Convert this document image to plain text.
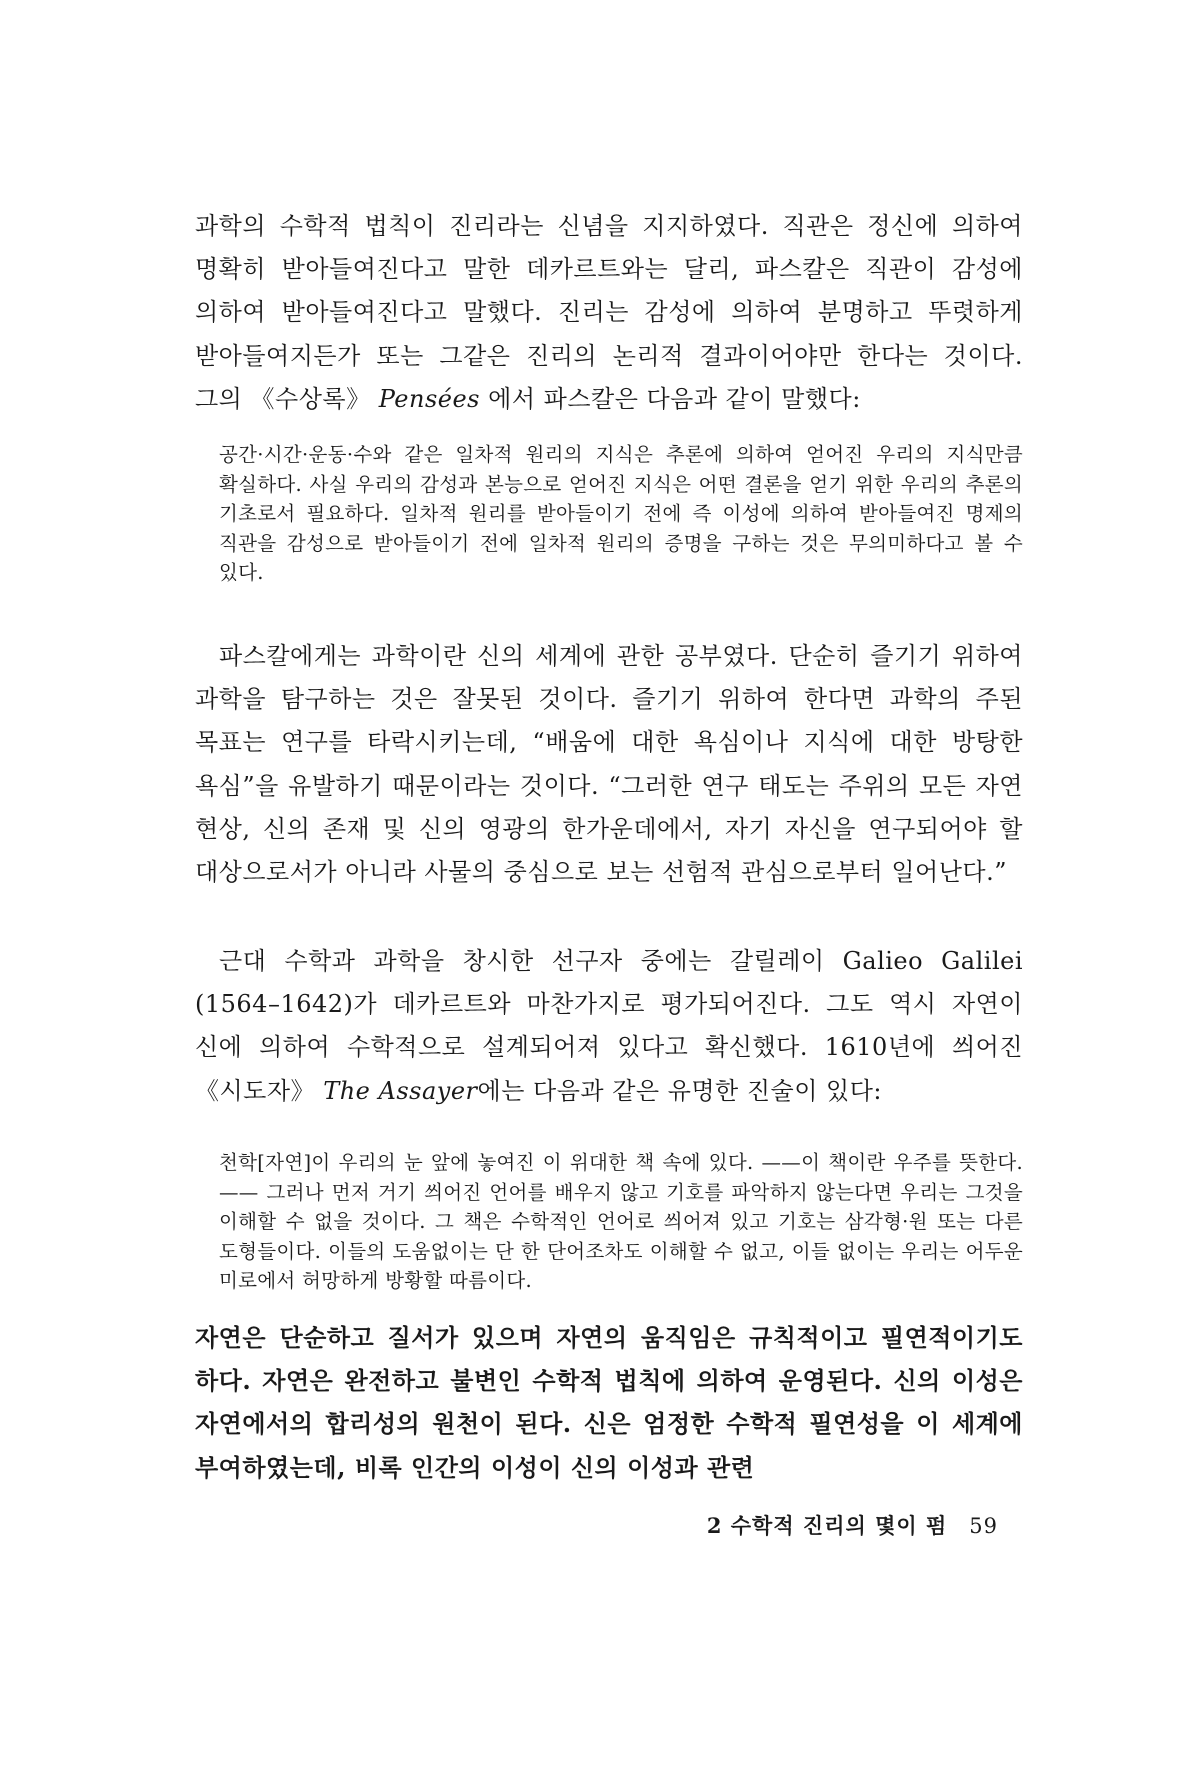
과학의 수학적 법칙이 진리라는 신념을 지지하였다. 직관은 정신에 의하여 명확히 받아들여진다고 말한 데카르트와는 달리, 파스칼은 직관이 감성에 의하여 받아들여진다고 말했다. 진리는 감성에 의하여 분명하고 뚜렷하게 받아들여지든가 또는 그같은 진리의 논리적 결과이어야만 한다는 것이다. 그의 《수상록》 Pensées 에서 파스칼은 다음과 같이 말했다:

공간·시간·운동·수와 같은 일차적 원리의 지식은 추론에 의하여 얻어진 우리의 지식만큼 확실하다. 사실 우리의 감성과 본능으로 얻어진 지식은 어떤 결론을 얻기 위한 우리의 추론의 기초로서 필요하다. 일차적 원리를 받아들이기 전에 즉 이성에 의하여 받아들여진 명제의 직관을 감성으로 받아들이기 전에 일차적 원리의 증명을 구하는 것은 무의미하다고 볼 수 있다.

파스칼에게는 과학이란 신의 세계에 관한 공부였다. 단순히 즐기기 위하여 과학을 탐구하는 것은 잘못된 것이다. 즐기기 위하여 한다면 과학의 주된 목표는 연구를 타락시키는데, “배움에 대한 욕심이나 지식에 대한 방탕한 욕심”을 유발하기 때문이라는 것이다. “그러한 연구 태도는 주위의 모든 자연 현상, 신의 존재 및 신의 영광의 한가운데에서, 자기 자신을 연구되어야 할 대상으로서가 아니라 사물의 중심으로 보는 선험적 관심으로부터 일어난다.”

근대 수학과 과학을 창시한 선구자 중에는 갈릴레이 Galieo Galilei (1564–1642)가 데카르트와 마찬가지로 평가되어진다. 그도 역시 자연이 신에 의하여 수학적으로 설계되어져 있다고 확신했다. 1610년에 씌어진 《시도자》 The Assayer에는 다음과 같은 유명한 진술이 있다:

천학[자연]이 우리의 눈 앞에 놓여진 이 위대한 책 속에 있다. ——이 책이란 우주를 뜻한다.—— 그러나 먼저 거기 씌어진 언어를 배우지 않고 기호를 파악하지 않는다면 우리는 그것을 이해할 수 없을 것이다. 그 책은 수학적인 언어로 씌어져 있고 기호는 삼각형·원 또는 다른 도형들이다. 이들의 도움없이는 단 한 단어조차도 이해할 수 없고, 이들 없이는 우리는 어두운 미로에서 허망하게 방황할 따름이다.

자연은 단순하고 질서가 있으며 자연의 움직임은 규칙적이고 필연적이기도 하다. 자연은 완전하고 불변인 수학적 법칙에 의하여 운영된다. 신의 이성은 자연에서의 합리성의 원천이 된다. 신은 엄정한 수학적 필연성을 이 세계에 부여하였는데, 비록 인간의 이성이 신의 이성과 관련

2 수학적 진리의 몇이 펌 59
